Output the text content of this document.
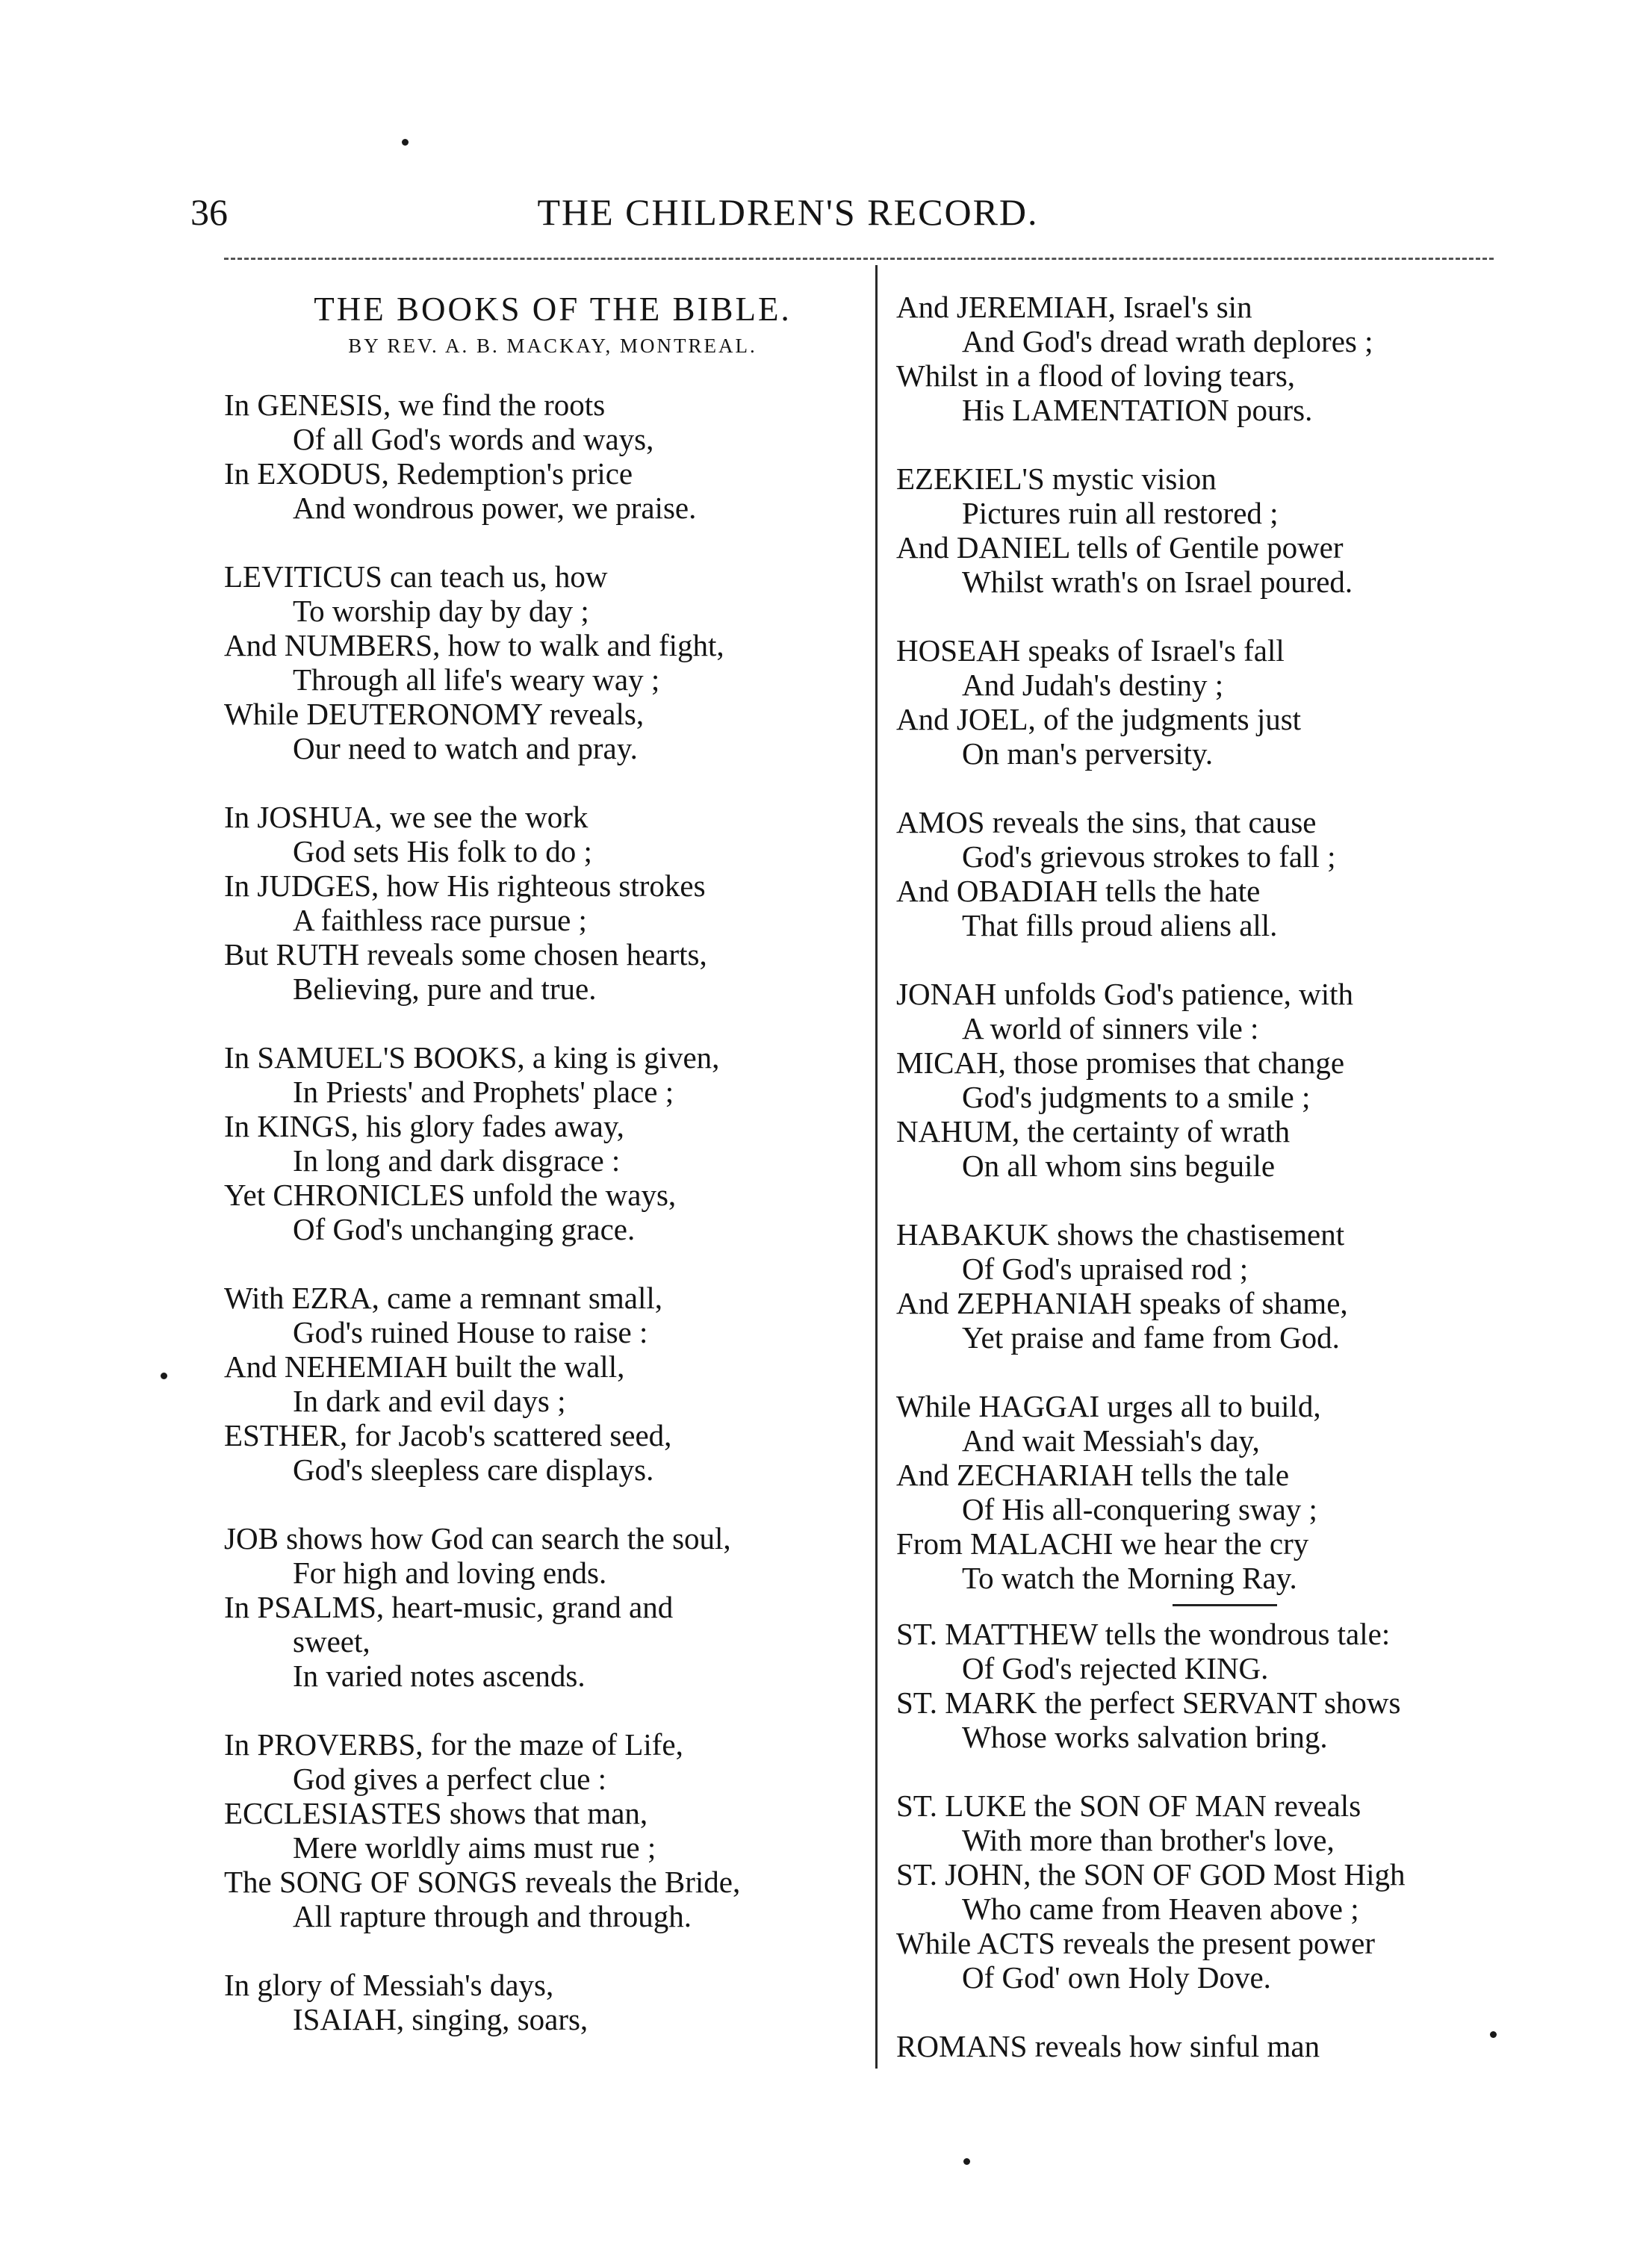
36	THE CHILDREN'S RECORD.
THE BOOKS OF THE BIBLE.
BY REV. A. B. MACKAY, MONTREAL.
In GENESIS, we find the roots
Of all God's words and ways,
In EXODUS, Redemption's price
And wondrous power, we praise.
LEVITICUS can teach us, how
To worship day by day ;
And NUMBERS, how to walk and fight,
Through all life's weary way ;
While DEUTERONOMY reveals,
Our need to watch and pray.
In JOSHUA, we see the work
God sets His folk to do ;
In JUDGES, how His righteous strokes
A faithless race pursue ;
But RUTH reveals some chosen hearts,
Believing, pure and true.
In SAMUEL'S BOOKS, a king is given,
In Priests' and Prophets' place ;
In KINGS, his glory fades away,
In long and dark disgrace :
Yet CHRONICLES unfold the ways,
Of God's unchanging grace.
With EZRA, came a remnant small,
God's ruined House to raise :
And NEHEMIAH built the wall,
In dark and evil days ;
ESTHER, for Jacob's scattered seed,
God's sleepless care displays.
JOB shows how God can search the soul,
For high and loving ends.
In PSALMS, heart-music, grand and
sweet,
In varied notes ascends.
In PROVERBS, for the maze of Life,
God gives a perfect clue :
ECCLESIASTES shows that man,
Mere worldly aims must rue ;
The SONG OF SONGS reveals the Bride,
All rapture through and through.
In glory of Messiah's days,
ISAIAH, singing, soars,
And JEREMIAH, Israel's sin
And God's dread wrath deplores ;
Whilst in a flood of loving tears,
His LAMENTATION pours.
EZEKIEL'S mystic vision
Pictures ruin all restored ;
And DANIEL tells of Gentile power
Whilst wrath's on Israel poured.
HOSEAH speaks of Israel's fall
And Judah's destiny ;
And JOEL, of the judgments just
On man's perversity.
AMOS reveals the sins, that cause
God's grievous strokes to fall ;
And OBADIAH tells the hate
That fills proud aliens all.
JONAH unfolds God's patience, with
A world of sinners vile :
MICAH, those promises that change
God's judgments to a smile ;
NAHUM, the certainty of wrath
On all whom sins beguile
HABAKUK shows the chastisement
Of God's upraised rod ;
And ZEPHANIAH speaks of shame,
Yet praise and fame from God.
While HAGGAI urges all to build,
And wait Messiah's day,
And ZECHARIAH tells the tale
Of His all-conquering sway ;
From MALACHI we hear the cry
To watch the Morning Ray.
ST. MATTHEW tells the wondrous tale:
Of God's rejected KING.
ST. MARK the perfect SERVANT shows
Whose works salvation bring.
ST. LUKE the SON OF MAN reveals
With more than brother's love,
ST. JOHN, the SON OF GOD Most High
Who came from Heaven above ;
While ACTS reveals the present power
Of God' own Holy Dove.
ROMANS reveals how sinful man
